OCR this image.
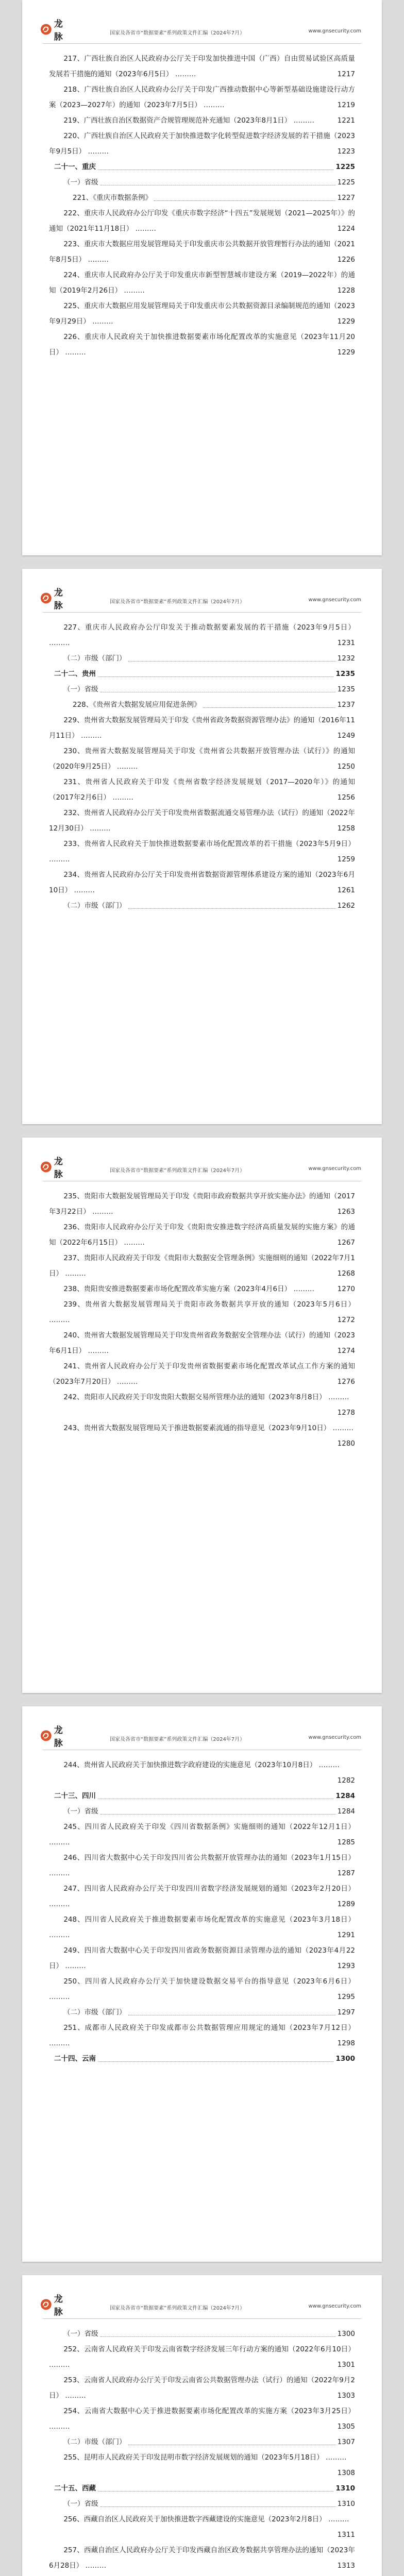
龙脉	国家及各省市“数据要素”系列政策文件汇编（2024年7月）	www.gnsecurity.com
217、广西壮族自治区人民政府办公厅关于印发加快推进中国（广西）自由贸易试验区高质量发展若干措施的通知（2023年6月5日） ………	1217
218、广西壮族自治区人民政府办公厅关于印发广西推动数据中心等新型基础设施建设行动方案（2023—2027年）的通知（2023年7月5日） ………	1219
219、广西壮族自治区数据资产合规管理规范补充通知（2023年8月1日） ………	1221
220、广西壮族自治区人民政府关于加快推进数字化转型促进数字经济发展的若干措施（2023年9月5日） ………	1223
二十一、重庆	1225
（一）省级	1225
221、《重庆市数据条例》	1227
222、重庆市人民政府办公厅印发《重庆市数字经济“十四五”发展规划（2021—2025年）》的通知（2021年11月18日） ………	1224
223、重庆市大数据应用发展管理局关于印发重庆市公共数据开放管理暂行办法的通知（2021年8月5日） ………	1226
224、重庆市人民政府办公厅关于印发重庆市新型智慧城市建设方案（2019—2022年）的通知（2019年2月26日） ………	1228
225、重庆市大数据应用发展管理局关于印发重庆市公共数据资源目录编制规范的通知（2023年9月29日） ………	1229
226、重庆市人民政府关于加快推进数据要素市场化配置改革的实施意见（2023年11月20日） ………	1229
龙脉	国家及各省市“数据要素”系列政策文件汇编（2024年7月）	www.gnsecurity.com
227、重庆市人民政府办公厅印发关于推动数据要素发展的若干措施（2023年9月5日） ………	1231
（二）市级（部门）	1232
二十二、贵州	1235
（一）省级	1235
228、《贵州省大数据发展应用促进条例》	1237
229、贵州省大数据发展管理局关于印发《贵州省政务数据资源管理办法》的通知（2016年11月11日） ………	1249
230、贵州省大数据发展管理局关于印发《贵州省公共数据开放管理办法（试行）》的通知（2020年9月25日） ………	1250
231、贵州省人民政府关于印发《贵州省数字经济发展规划（2017—2020年）》的通知（2017年2月6日） ………	1256
232、贵州省人民政府办公厅关于印发贵州省数据流通交易管理办法（试行）的通知（2022年12月30日） ………	1258
233、贵州省人民政府关于加快推进数据要素市场化配置改革的若干措施（2023年5月9日） ………	1259
234、贵州省人民政府办公厅关于印发贵州省数据资源管理体系建设方案的通知（2023年6月10日） ………	1261
（二）市级（部门）	1262
龙脉	国家及各省市“数据要素”系列政策文件汇编（2024年7月）	www.gnsecurity.com
235、贵阳市大数据发展管理局关于印发《贵阳市政府数据共享开放实施办法》的通知（2017年3月22日） ………	1263
236、贵阳市人民政府办公厅关于印发《贵阳贵安推进数字经济高质量发展的实施方案》的通知（2022年6月15日） ………	1267
237、贵阳市人民政府关于印发《贵阳市大数据安全管理条例》实施细则的通知（2022年7月1日） ………	1268
238、贵阳贵安推进数据要素市场化配置改革实施方案（2023年4月6日） ………	1270
239、贵州省大数据发展管理局关于贵阳市政务数据共享开放的通知（2023年5月6日） ………	1272
240、贵州省大数据发展管理局关于印发贵州省政务数据安全管理办法（试行）的通知（2023年6月1日） ………	1274
241、贵州省人民政府办公厅关于印发贵州省数据要素市场化配置改革试点工作方案的通知（2023年7月20日） ………	1276
242、贵阳市人民政府关于印发贵阳大数据交易所管理办法的通知（2023年8月8日） ………
1278
243、贵州省大数据发展管理局关于推进数据要素流通的指导意见（2023年9月10日） ………
1280
龙脉	国家及各省市“数据要素”系列政策文件汇编（2024年7月）	www.gnsecurity.com
244、贵州省人民政府关于加快推进数字政府建设的实施意见（2023年10月8日） ………
1282
二十三、四川	1284
（一）省级	1284
245、四川省人民政府关于印发《四川省数据条例》实施细则的通知（2022年12月1日） ………	1285
246、四川省大数据中心关于印发四川省公共数据开放管理办法的通知（2023年1月15日） ………	1287
247、四川省人民政府办公厅关于印发四川省数字经济发展规划的通知（2023年2月20日） ………	1289
248、四川省人民政府关于推进数据要素市场化配置改革的实施意见（2023年3月18日） ………	1291
249、四川省大数据中心关于印发四川省政务数据资源目录管理办法的通知（2023年4月22日） ………	1293
250、四川省人民政府办公厅关于加快建设数据交易平台的指导意见（2023年6月6日） ………	1295
（二）市级（部门）	1297
251、成都市人民政府关于印发成都市公共数据管理应用规定的通知（2023年7月12日） ………	1298
二十四、云南	1300
龙脉	国家及各省市“数据要素”系列政策文件汇编（2024年7月）	www.gnsecurity.com
（一）省级	1300
252、云南省人民政府关于印发云南省数字经济发展三年行动方案的通知（2022年6月10日） ………	1301
253、云南省人民政府办公厅关于印发云南省公共数据管理办法（试行）的通知（2022年9月2日） ………	1303
254、云南省大数据中心关于推进数据要素市场化配置改革的实施方案（2023年3月25日） ………	1305
（二）市级（部门）	1307
255、昆明市人民政府关于印发昆明市数字经济发展规划的通知（2023年5月18日） ………
1308
二十五、西藏	1310
（一）省级	1310
256、西藏自治区人民政府关于加快推进数字西藏建设的实施意见（2023年2月8日） ………
1311
257、西藏自治区人民政府办公厅关于印发西藏自治区政务数据共享管理办法的通知（2023年6月28日） ………	1313
